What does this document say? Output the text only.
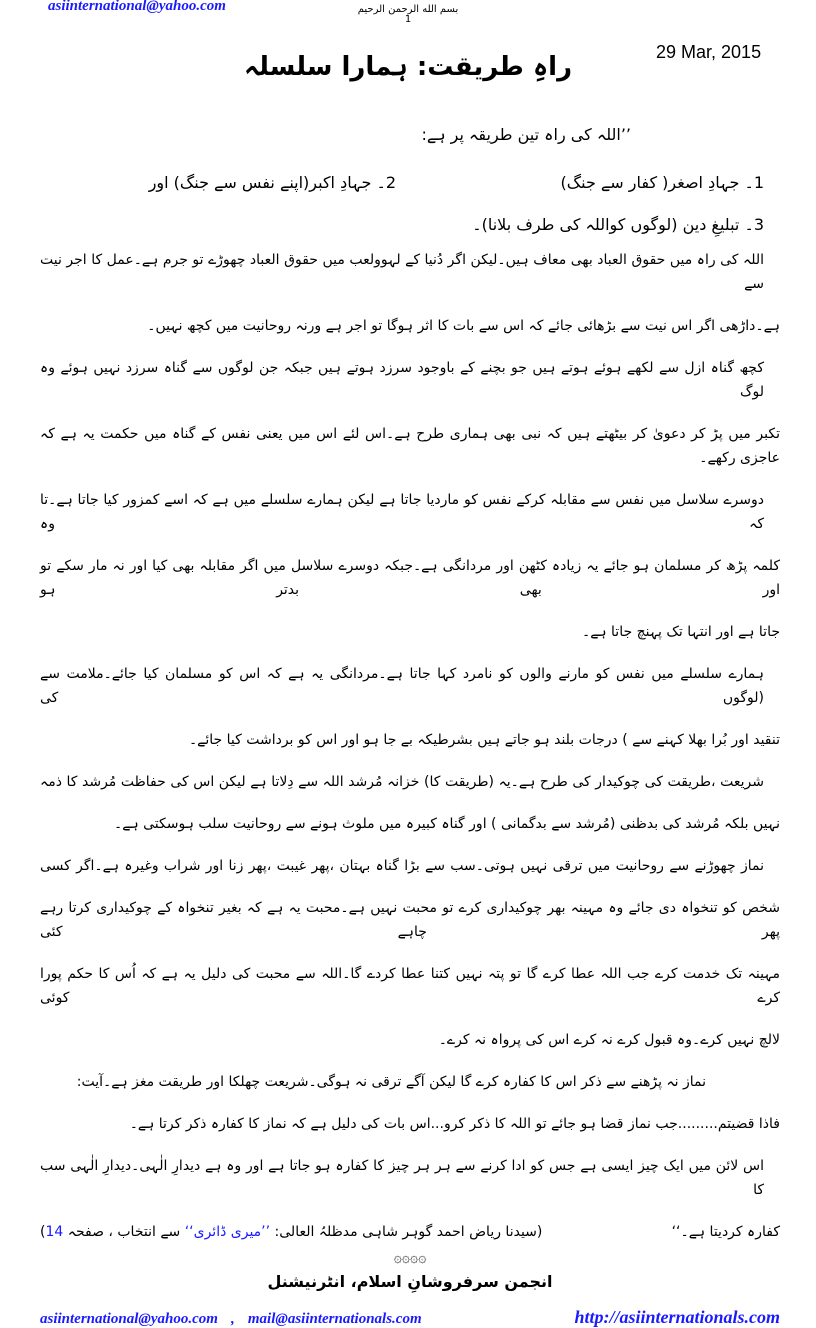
asiinternational@yahoo.com	بسم الله الرحمن الرحیم
1
29 Mar, 2015
راہِ طریقت: ہمارا سلسلہ
’’اللہ کی راہ تین طریقہ پر ہے:
1۔ جہادِ اصغر( کفار سے جنگ)
2۔ جہادِ اکبر(اپنے نفس سے جنگ) اور
3۔ تبلیغِ دین (لوگوں کواللہ کی طرف بلانا)۔
اللہ کی راہ میں حقوق العباد بھی معاف ہیں۔لیکن اگر دُنیا کے لہوولعب میں حقوق العباد چھوڑے تو جرم ہے۔عمل کا اجر نیت سے
ہے۔داڑھی اگر اس نیت سے بڑھائی جائے کہ اس سے بات کا اثر ہوگا تو اجر ہے ورنہ روحانیت میں کچھ نہیں۔
کچھ گناہ ازل سے لکھے ہوئے ہوتے ہیں جو بچنے کے باوجود سرزد ہوتے ہیں جبکہ جن لوگوں سے گناہ سرزد نہیں ہوئے وہ لوگ
تکبر میں پڑ کر دعویٰ کر بیٹھتے ہیں کہ نبی بھی ہماری طرح ہے۔اس لئے اس میں یعنی نفس کے گناہ میں حکمت یہ ہے کہ عاجزی رکھے۔
دوسرے سلاسل میں نفس سے مقابلہ کرکے نفس کو ماردیا جاتا ہے لیکن ہمارے سلسلے میں ہے کہ اسے کمزور کیا جاتا ہے۔تا کہ وہ
کلمہ پڑھ کر مسلمان ہو جائے یہ زیادہ کٹھن اور مردانگی ہے۔جبکہ دوسرے سلاسل میں اگر مقابلہ بھی کیا اور نہ مار سکے تو اور بھی بدتر ہو
جاتا ہے اور انتہا تک پہنچ جاتا ہے۔
ہمارے سلسلے میں نفس کو مارنے والوں کو نامرد کہا جاتا ہے۔مردانگی یہ ہے کہ اس کو مسلمان کیا جائے۔ملامت سے (لوگوں کی
تنقید اور بُرا بھلا کہنے سے ) درجات بلند ہو جاتے ہیں بشرطیکہ بے جا ہو اور اس کو برداشت کیا جائے۔
شریعت ،طریقت کی چوکیدار کی طرح ہے۔یہ (طریقت کا) خزانہ مُرشد اللہ سے دِلاتا ہے لیکن اس کی حفاظت مُرشد کا ذمہ
نہیں بلکہ مُرشد کی بدظنی (مُرشد سے بدگمانی ) اور گناہ کبیرہ میں ملوث ہونے سے روحانیت سلب ہوسکتی ہے۔
نماز چھوڑنے سے روحانیت میں ترقی نہیں ہوتی۔سب سے بڑا گناہ بہتان ،پھر غیبت ،پھر زنا اور شراب وغیرہ ہے۔اگر کسی
شخص کو تنخواہ دی جائے وہ مہینہ بھر چوکیداری کرے تو محبت نہیں ہے۔محبت یہ ہے کہ بغیر تنخواہ کے چوکیداری کرتا رہے پھر چاہے کئی
مہینہ تک خدمت کرے جب اللہ عطا کرے گا تو پتہ نہیں کتنا عطا کردے گا۔اللہ سے محبت کی دلیل یہ ہے کہ اُس کا حکم پورا کرے کوئی
لالچ نہیں کرے۔وہ قبول کرے نہ کرے اس کی پرواہ نہ کرے۔
نماز نہ پڑھنے سے ذکر اس کا کفارہ کرے گا لیکن آگے ترقی نہ ہوگی۔شریعت چھلکا اور طریقت مغز ہے۔آیت:
فاذا قضیتم.........جب نماز قضا ہو جائے تو اللہ کا ذکر کرو...اس بات کی دلیل ہے کہ نماز کا کفارہ ذکر کرتا ہے۔
اس لائن میں ایک چیز ایسی ہے جس کو ادا کرنے سے ہر ہر چیز کا کفارہ ہو جاتا ہے اور وہ ہے دیدارِ الٰہی۔دیدارِ الٰہی سب کا
کفارہ کردیتا ہے۔‘‘
(سیدنا ریاض احمد گوہر شاہی مدظلہُ العالی: ’’میری ڈائری‘‘ سے انتخاب ، صفحہ 14)
۞۞۞۞
انجمن سرفروشانِ اسلام، انٹرنیشنل
asiinternational@yahoo.com , mail@asiinternationals.com	http://asiinternationals.com
